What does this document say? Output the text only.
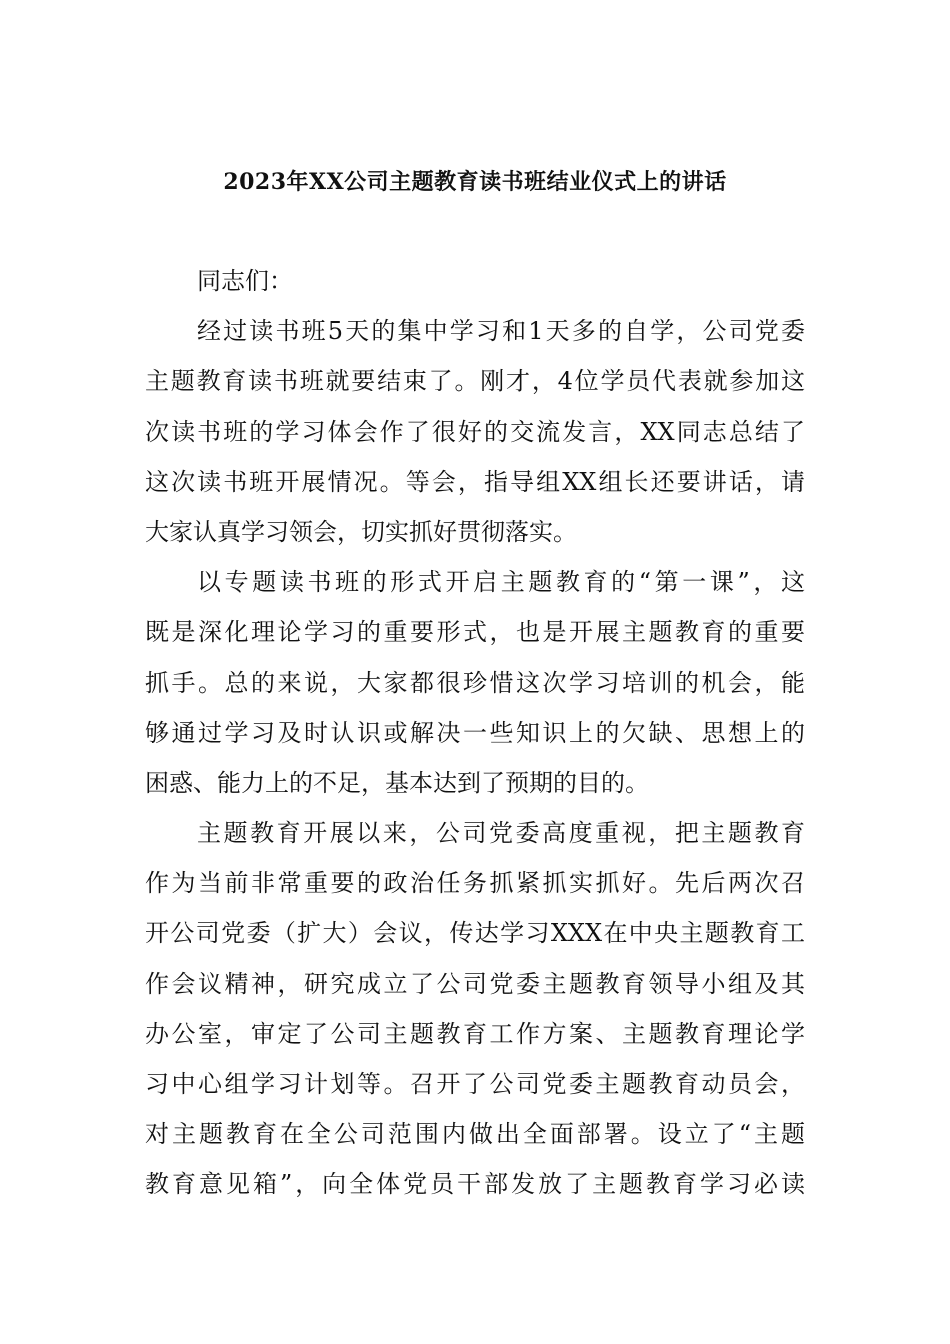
2023年XX公司主题教育读书班结业仪式上的讲话
同志们：
经过读书班5天的集中学习和1天多的自学，公司党委
主题教育读书班就要结束了。刚才，4位学员代表就参加这
次读书班的学习体会作了很好的交流发言，XX同志总结了
这次读书班开展情况。等会，指导组XX组长还要讲话，请
大家认真学习领会，切实抓好贯彻落实。
以专题读书班的形式开启主题教育的“第一课”，这
既是深化理论学习的重要形式，也是开展主题教育的重要
抓手。总的来说，大家都很珍惜这次学习培训的机会，能
够通过学习及时认识或解决一些知识上的欠缺、思想上的
困惑、能力上的不足，基本达到了预期的目的。
主题教育开展以来，公司党委高度重视，把主题教育
作为当前非常重要的政治任务抓紧抓实抓好。先后两次召
开公司党委（扩大）会议，传达学习XXX在中央主题教育工
作会议精神，研究成立了公司党委主题教育领导小组及其
办公室，审定了公司主题教育工作方案、主题教育理论学
习中心组学习计划等。召开了公司党委主题教育动员会，
对主题教育在全公司范围内做出全面部署。设立了“主题
教育意见箱”，向全体党员干部发放了主题教育学习必读
